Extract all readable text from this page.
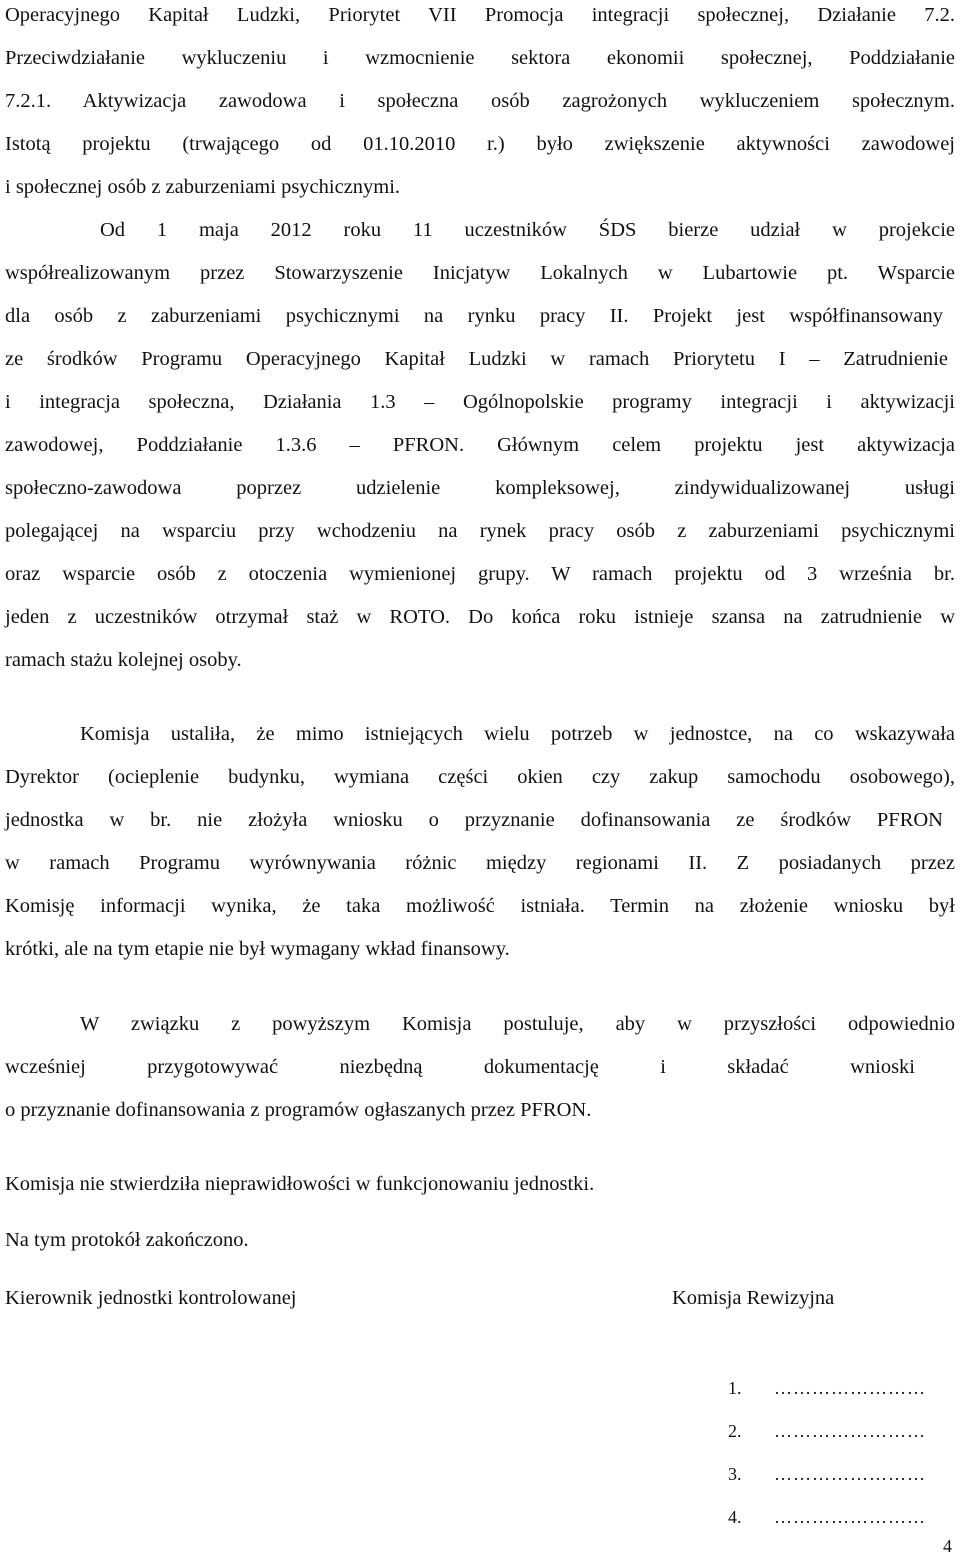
Operacyjnego Kapitał Ludzki, Priorytet VII Promocja integracji społecznej, Działanie 7.2.
Przeciwdziałanie wykluczeniu i wzmocnienie sektora ekonomii społecznej, Poddziałanie
7.2.1. Aktywizacja zawodowa i społeczna osób zagrożonych wykluczeniem społecznym.
Istotą projektu (trwającego od 01.10.2010 r.) było zwiększenie aktywności zawodowej
i społecznej osób z zaburzeniami psychicznymi.
Od 1 maja 2012 roku 11 uczestników ŚDS bierze udział w projekcie
współrealizowanym przez Stowarzyszenie Inicjatyw Lokalnych w Lubartowie pt. Wsparcie
dla osób z zaburzeniami psychicznymi na rynku pracy II. Projekt jest współfinansowany
ze środków Programu Operacyjnego Kapitał Ludzki w ramach Priorytetu I – Zatrudnienie
i integracja społeczna, Działania 1.3 – Ogólnopolskie programy integracji i aktywizacji
zawodowej, Poddziałanie 1.3.6 – PFRON. Głównym celem projektu jest aktywizacja
społeczno-zawodowa poprzez udzielenie kompleksowej, zindywidualizowanej usługi
polegającej na wsparciu przy wchodzeniu na rynek pracy osób z zaburzeniami psychicznymi
oraz wsparcie osób z otoczenia wymienionej grupy. W ramach projektu od 3 września br.
jeden z uczestników otrzymał staż w ROTO. Do końca roku istnieje szansa na zatrudnienie w
ramach stażu kolejnej osoby.
Komisja ustaliła, że mimo istniejących wielu potrzeb w jednostce, na co wskazywała
Dyrektor (ocieplenie budynku, wymiana części okien czy zakup samochodu osobowego),
jednostka w br. nie złożyła wniosku o przyznanie dofinansowania ze środków PFRON
w ramach Programu wyrównywania różnic między regionami II. Z posiadanych przez
Komisję informacji wynika, że taka możliwość istniała. Termin na złożenie wniosku był
krótki, ale na tym etapie nie był wymagany wkład finansowy.
W związku z powyższym Komisja postuluje, aby w przyszłości odpowiednio
wcześniej przygotowywać niezbędną dokumentację i składać wnioski
o przyznanie dofinansowania z programów ogłaszanych przez PFRON.
Komisja nie stwierdziła nieprawidłowości w funkcjonowaniu jednostki.
Na tym protokół zakończono.
Kierownik jednostki kontrolowanej	Komisja Rewizyjna
1. ……………………
2. ……………………
3. ……………………
4. ……………………
4
